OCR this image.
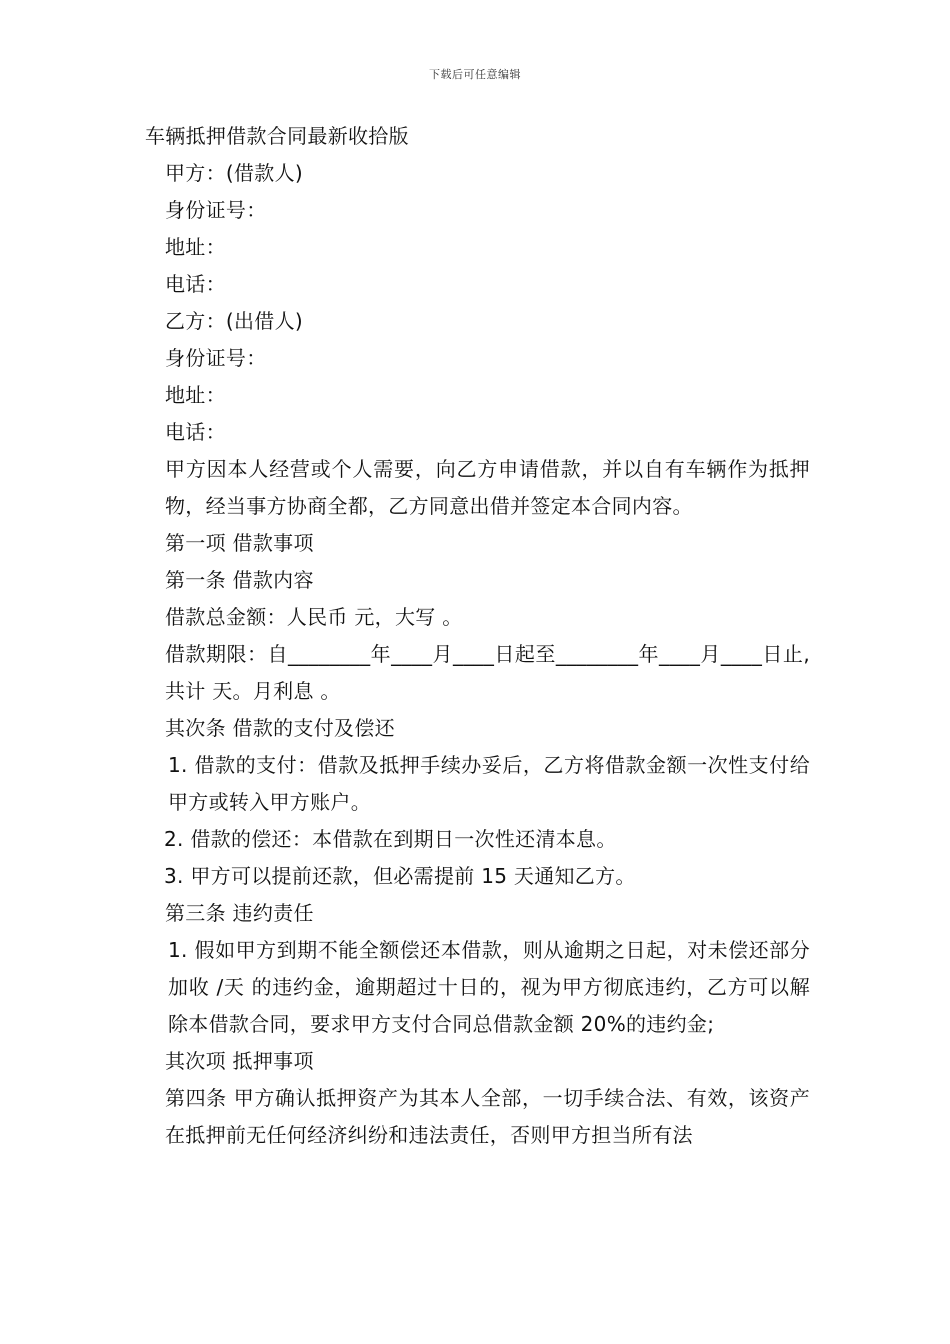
下载后可任意编辑
车辆抵押借款合同最新收拾版
甲方：(借款人)
身份证号：
地址：
电话：
乙方：(出借人)
身份证号：
地址：
电话：
甲方因本人经营或个人需要，向乙方申请借款，并以自有车辆作为抵押物，经当事方协商全都，乙方同意出借并签定本合同内容。
第一项 借款事项
第一条 借款内容
借款总金额：人民币 元，大写 。
借款期限：自________年____月____日起至________年____月____日止,共计 天。月利息 。
其次条 借款的支付及偿还
1. 借款的支付：借款及抵押手续办妥后，乙方将借款金额一次性支付给甲方或转入甲方账户。
2. 借款的偿还：本借款在到期日一次性还清本息。
3. 甲方可以提前还款，但必需提前 15 天通知乙方。
第三条 违约责任
1. 假如甲方到期不能全额偿还本借款，则从逾期之日起，对未偿还部分加收 /天 的违约金，逾期超过十日的，视为甲方彻底违约，乙方可以解除本借款合同，要求甲方支付合同总借款金额 20%的违约金;
其次项 抵押事项
第四条 甲方确认抵押资产为其本人全部，一切手续合法、有效，该资产在抵押前无任何经济纠纷和违法责任，否则甲方担当所有法
